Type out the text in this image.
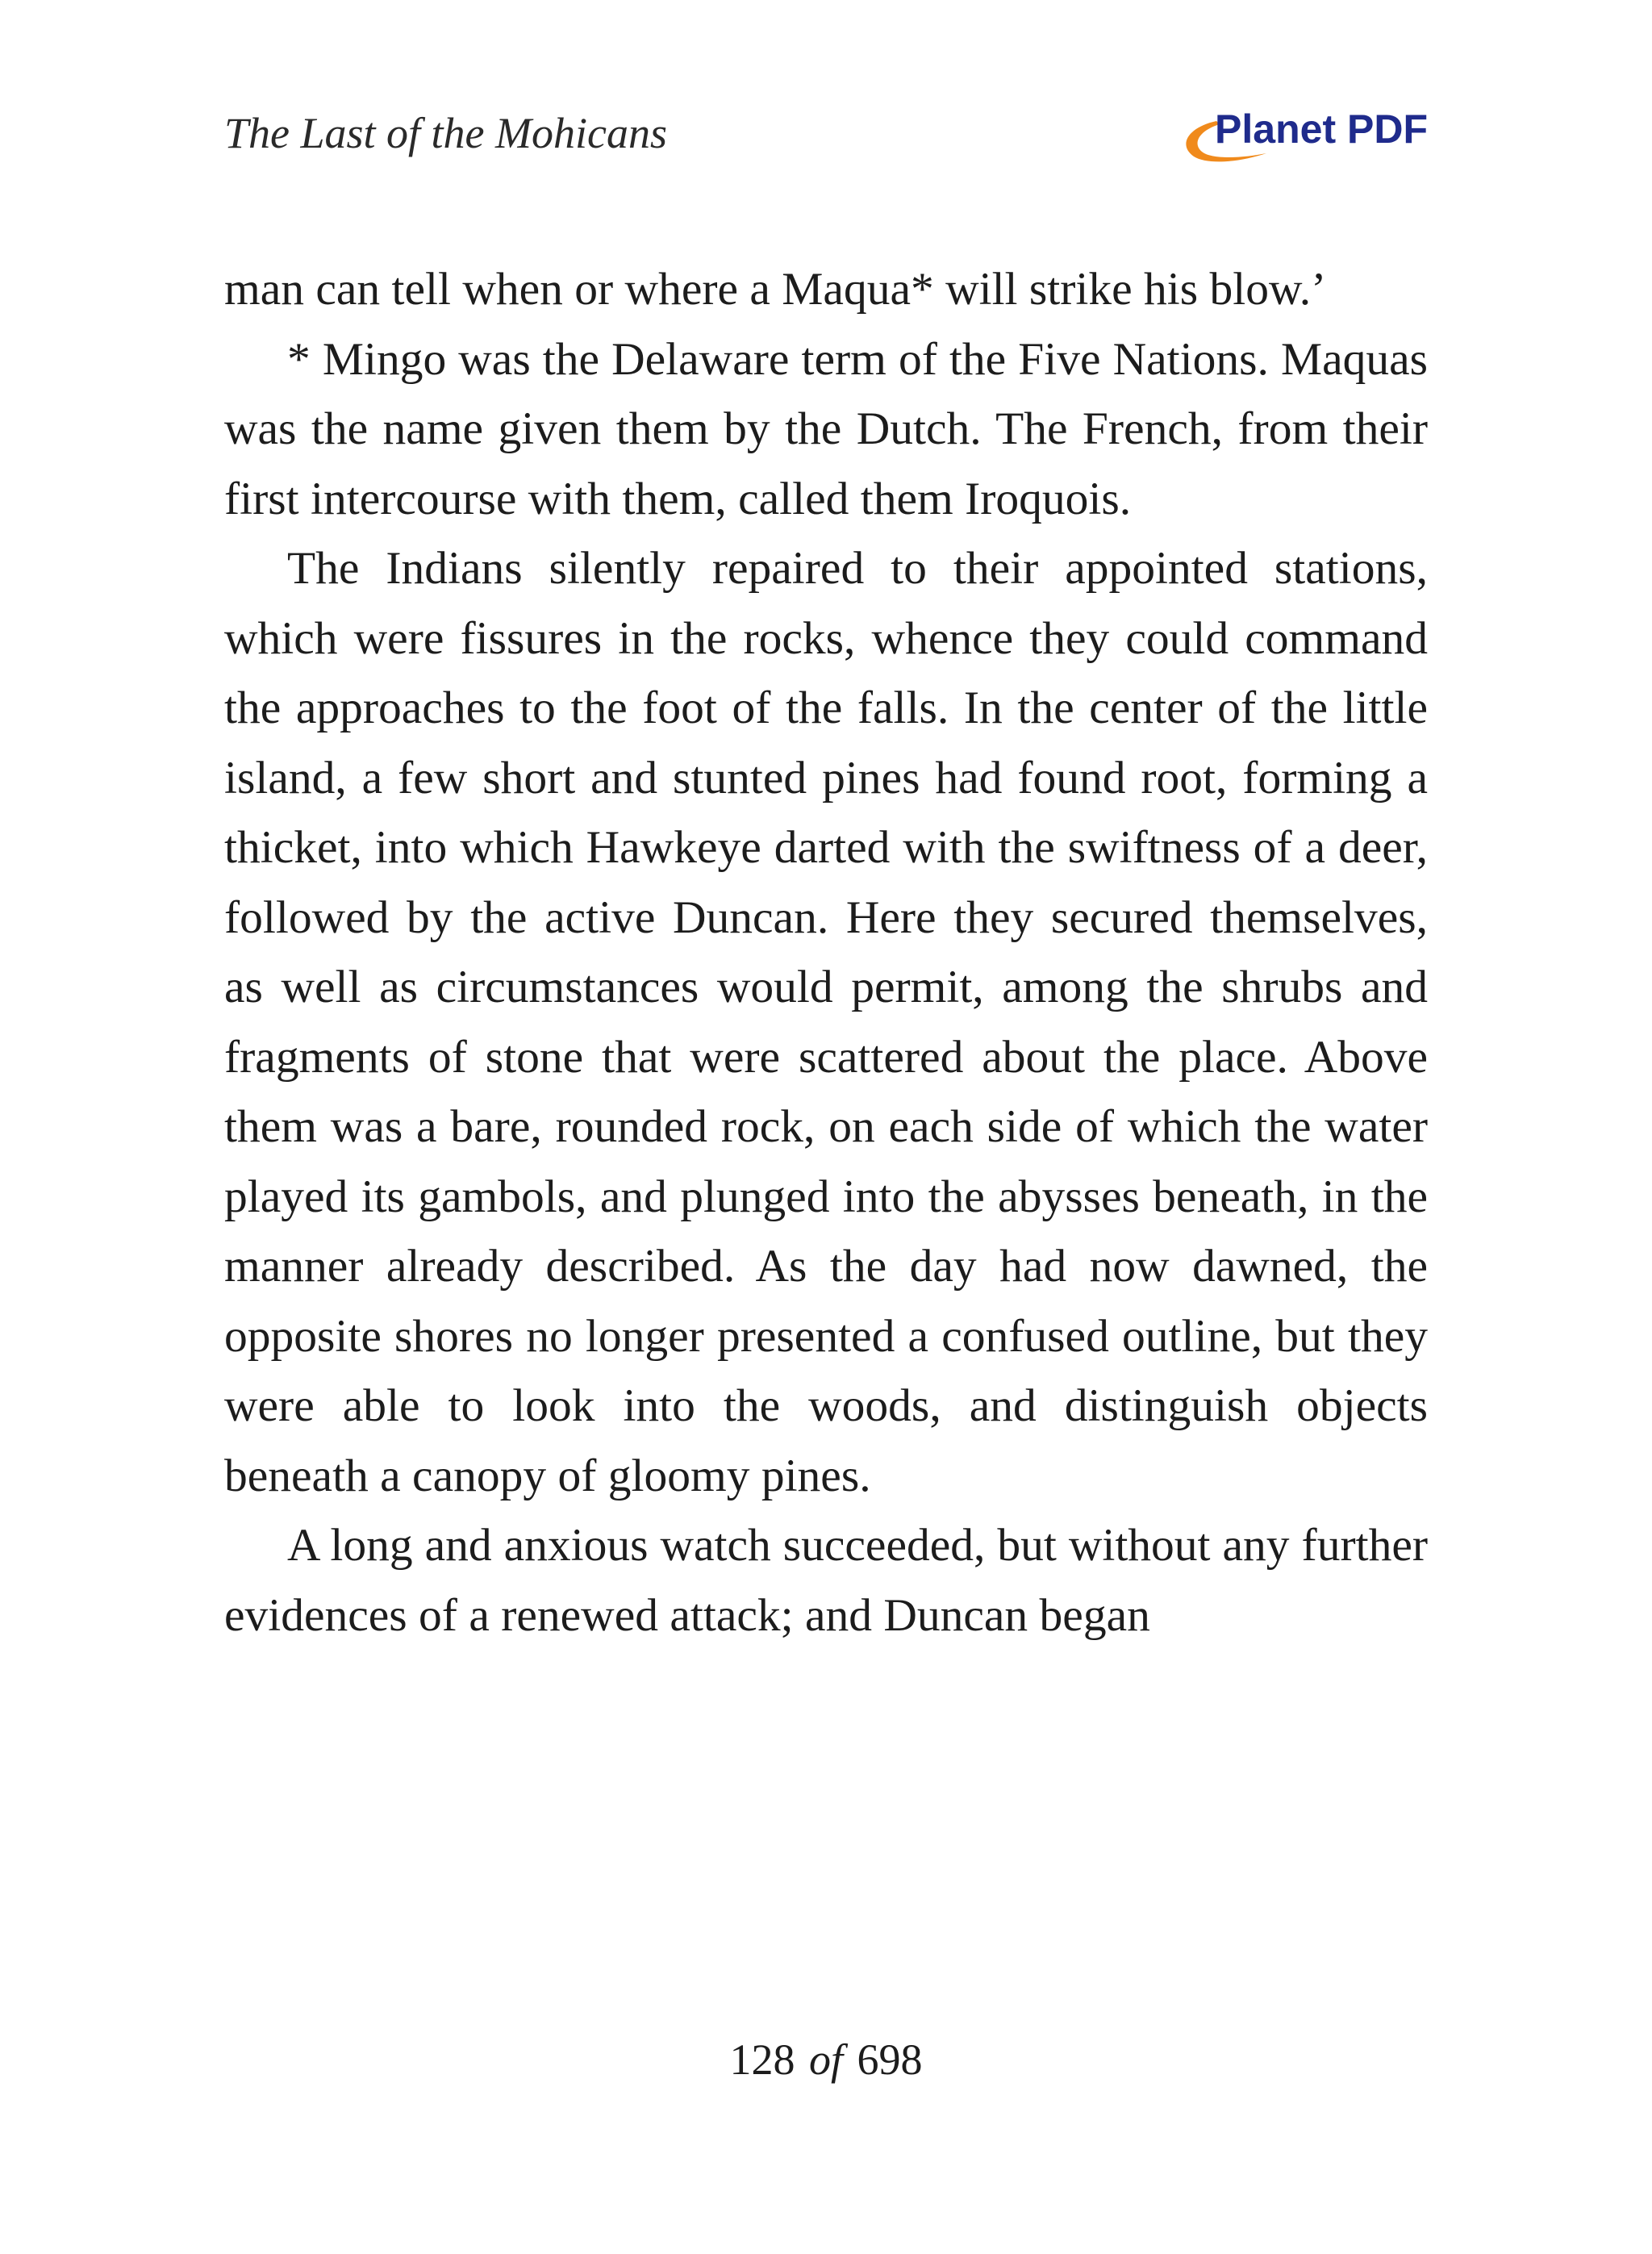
The Last of the Mohicans	Planet PDF

man can tell when or where a Maqua* will strike his blow.’

* Mingo was the Delaware term of the Five Nations. Maquas was the name given them by the Dutch. The French, from their first intercourse with them, called them Iroquois.

The Indians silently repaired to their appointed stations, which were fissures in the rocks, whence they could command the approaches to the foot of the falls. In the center of the little island, a few short and stunted pines had found root, forming a thicket, into which Hawkeye darted with the swiftness of a deer, followed by the active Duncan. Here they secured themselves, as well as circumstances would permit, among the shrubs and fragments of stone that were scattered about the place. Above them was a bare, rounded rock, on each side of which the water played its gambols, and plunged into the abysses beneath, in the manner already described. As the day had now dawned, the opposite shores no longer presented a confused outline, but they were able to look into the woods, and distinguish objects beneath a canopy of gloomy pines.

A long and anxious watch succeeded, but without any further evidences of a renewed attack; and Duncan began

128 of 698
